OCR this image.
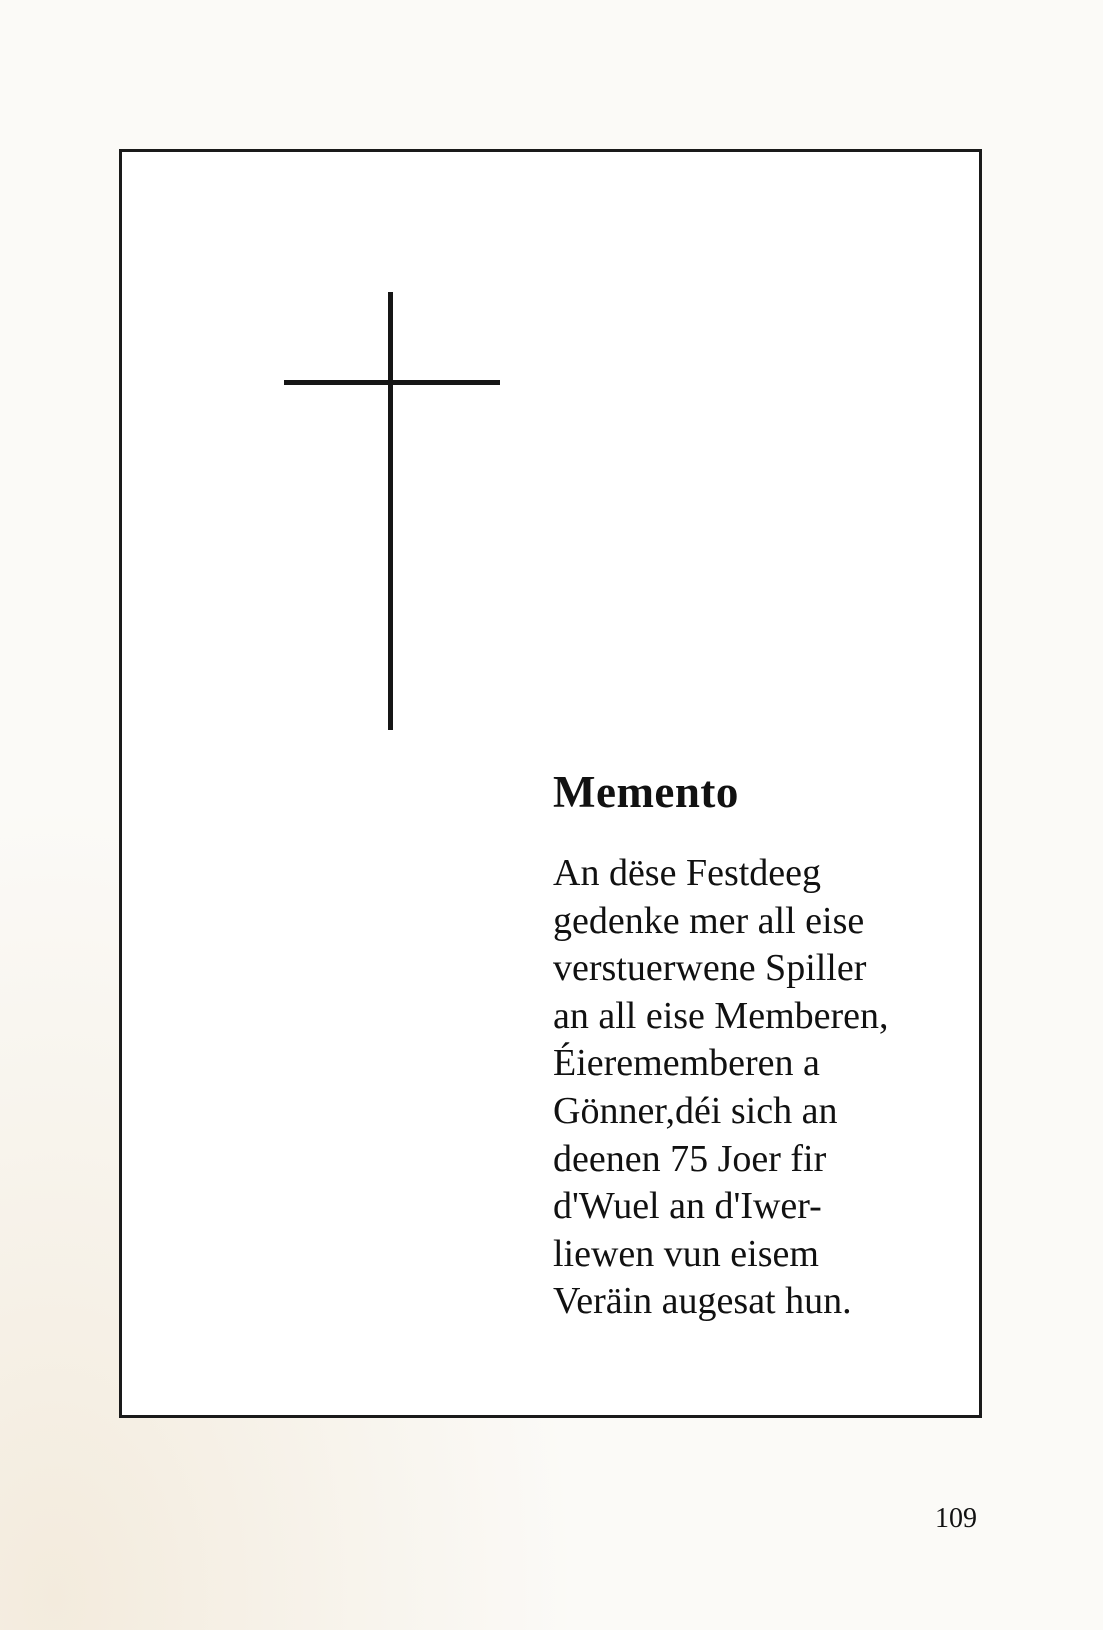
Memento
An dëse Festdeeg
gedenke mer all eise
verstuerwene Spiller
an all eise Memberen,
Éierememberen a
Gönner,déi sich an
deenen 75 Joer fir
d'Wuel an d'Iwer-
liewen vun eisem
Veräin augesat hun.
109
